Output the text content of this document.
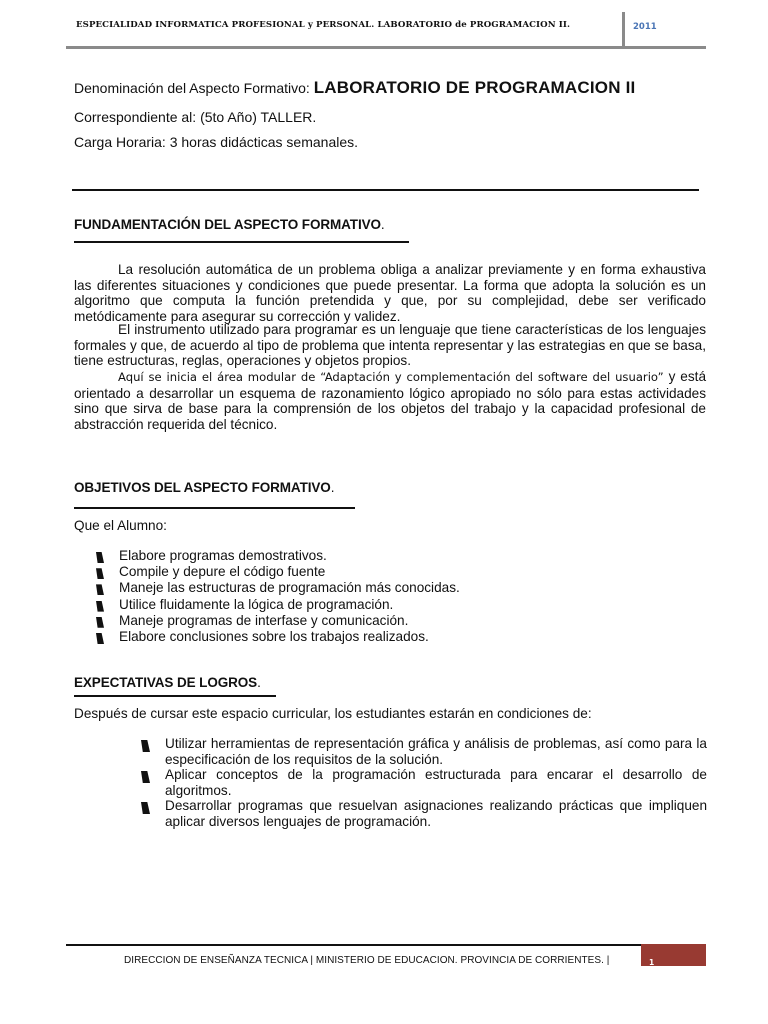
ESPECIALIDAD INFORMATICA PROFESIONAL y PERSONAL. LABORATORIO de PROGRAMACION II.	2011
Denominación del Aspecto Formativo: LABORATORIO DE PROGRAMACION II
Correspondiente al: (5to Año) TALLER.
Carga Horaria: 3 horas didácticas semanales.
FUNDAMENTACIÓN DEL ASPECTO FORMATIVO.

La resolución automática de un problema obliga a analizar previamente y en forma exhaustiva las diferentes situaciones y condiciones que puede presentar. La forma que adopta la solución es un algoritmo que computa la función pretendida y que, por su complejidad, debe ser verificado metódicamente para asegurar su corrección y validez.

El instrumento utilizado para programar es un lenguaje que tiene características de los lenguajes formales y que, de acuerdo al tipo de problema que intenta representar y las estrategias en que se basa, tiene estructuras, reglas, operaciones y objetos propios.

Aquí se inicia el área modular de “Adaptación y complementación del software del usuario” y está orientado a desarrollar un esquema de razonamiento lógico apropiado no sólo para estas actividades sino que sirva de base para la comprensión de los objetos del trabajo y la capacidad profesional de abstracción requerida del técnico.

OBJETIVOS DEL ASPECTO FORMATIVO.
Que el Alumno:
Elabore programas demostrativos.
Compile y depure el código fuente
Maneje las estructuras de programación más conocidas.
Utilice fluidamente la lógica de programación.
Maneje programas de interfase y comunicación.
Elabore conclusiones sobre los trabajos realizados.
EXPECTATIVAS DE LOGROS.
Después de cursar este espacio curricular, los estudiantes estarán en condiciones de:
Utilizar herramientas de representación gráfica y análisis de problemas, así como para la especificación de los requisitos de la solución.
Aplicar conceptos de la programación estructurada para encarar el desarrollo de algoritmos.
Desarrollar programas que resuelvan asignaciones realizando prácticas que impliquen aplicar diversos lenguajes de programación.
DIRECCION DE ENSEÑANZA TECNICA | MINISTERIO DE EDUCACION. PROVINCIA DE CORRIENTES. |	1
